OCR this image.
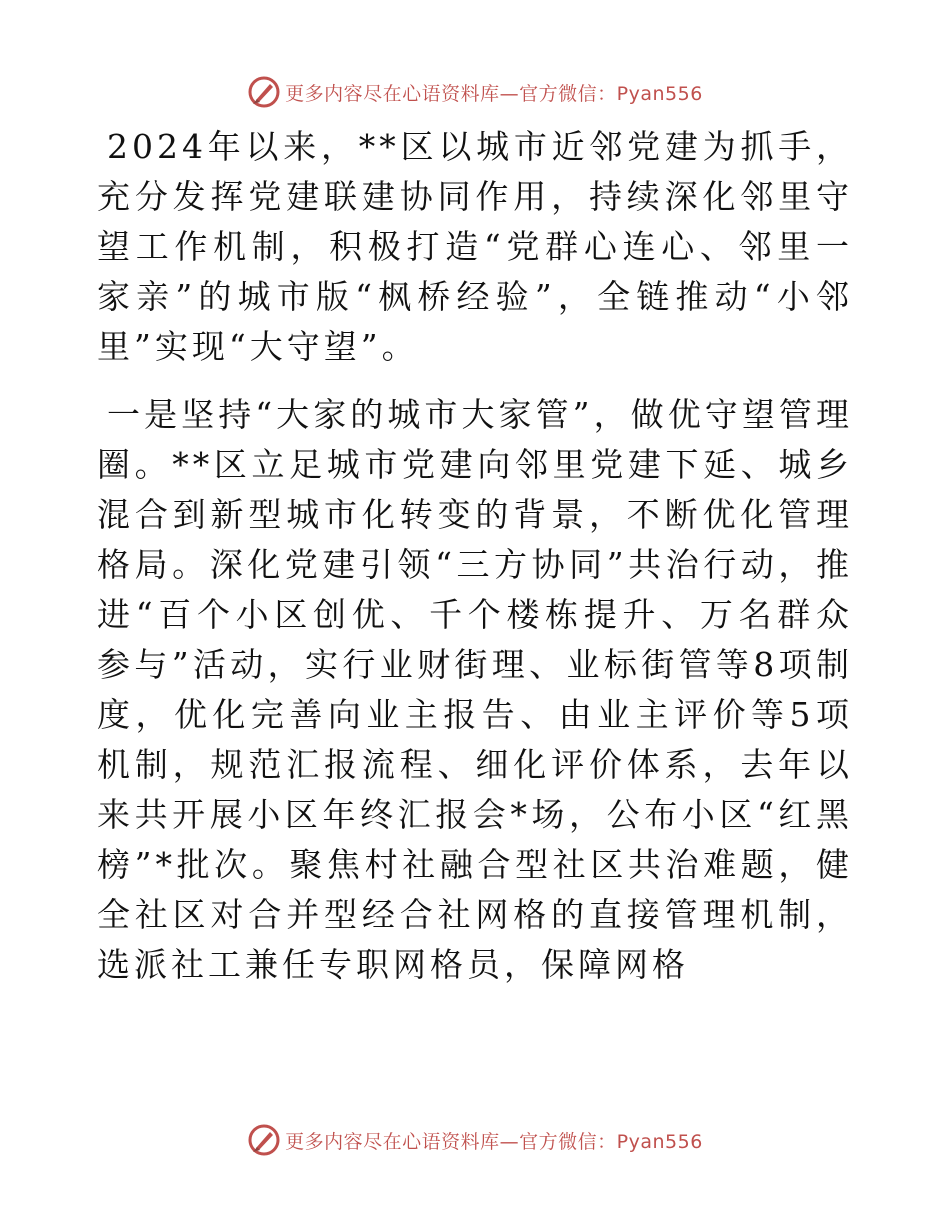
更多内容尽在心语资料库—官方微信：Pyan556

2024年以来，**区以城市近邻党建为抓手，充分发挥党建联建协同作用，持续深化邻里守望工作机制，积极打造“党群心连心、邻里一家亲”的城市版“枫桥经验”，全链推动“小邻里”实现“大守望”。

一是坚持“大家的城市大家管”，做优守望管理圈。**区立足城市党建向邻里党建下延、城乡混合到新型城市化转变的背景，不断优化管理格局。深化党建引领“三方协同”共治行动，推进“百个小区创优、千个楼栋提升、万名群众参与”活动，实行业财街理、业标街管等8项制度，优化完善向业主报告、由业主评价等5项机制，规范汇报流程、细化评价体系，去年以来共开展小区年终汇报会*场，公布小区“红黑榜”*批次。聚焦村社融合型社区共治难题，健全社区对合并型经合社网格的直接管理机制，选派社工兼任专职网格员，保障网格

更多内容尽在心语资料库—官方微信：Pyan556
